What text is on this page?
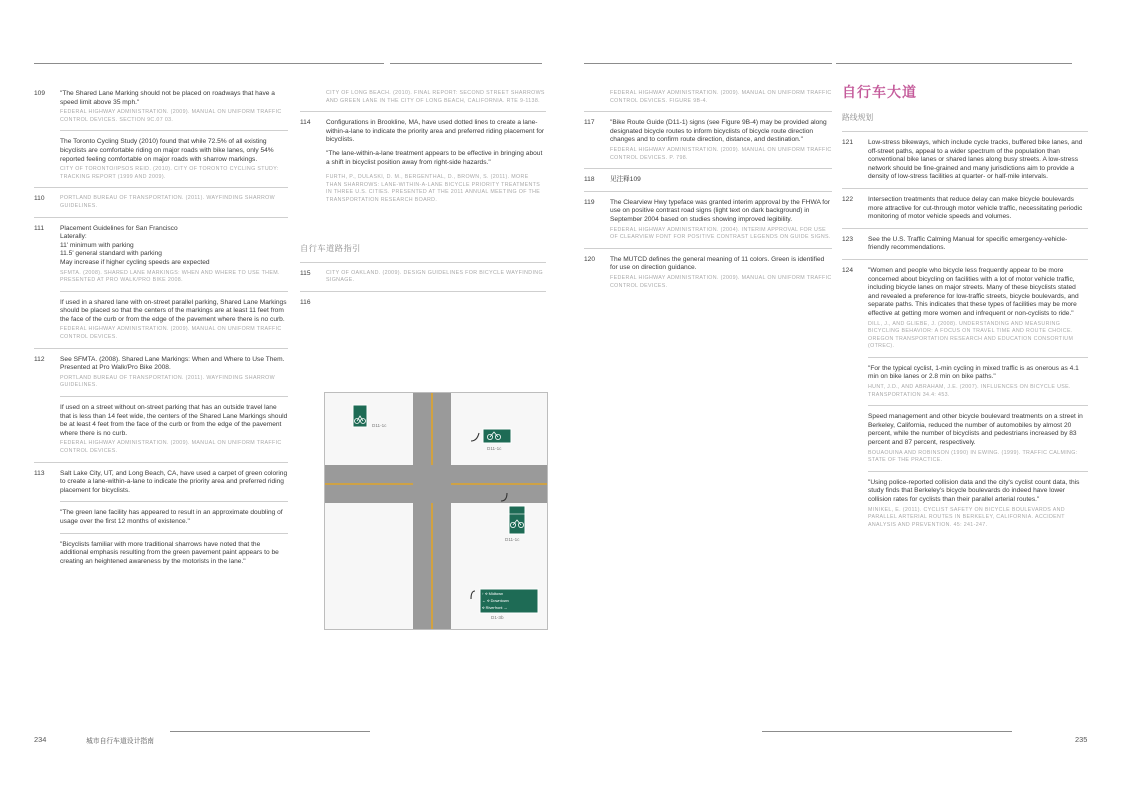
109	"The Shared Lane Marking should not be placed on roadways that have a speed limit above 35 mph."

FEDERAL HIGHWAY ADMINISTRATION. (2009). MANUAL ON UNIFORM TRAFFIC CONTROL DEVICES. SECTION 9C.07 03.

The Toronto Cycling Study (2010) found that while 72.5% of all existing bicyclists are comfortable riding on major roads with bike lanes, only 54% reported feeling comfortable on major roads with sharrow markings.

CITY OF TORONTO/IPSOS REID. (2010). CITY OF TORONTO CYCLING STUDY: TRACKING REPORT (1999 AND 2009).

110	PORTLAND BUREAU OF TRANSPORTATION. (2011). WAYFINDING SHARROW GUIDELINES.

111	Placement Guidelines for San Francisco

Laterally:

11' minimum with parking

11.5' general standard with parking

May increase if higher cycling speeds are expected

SFMTA. (2008). SHARED LANE MARKINGS: WHEN AND WHERE TO USE THEM. PRESENTED AT PRO WALK/PRO BIKE 2008.

If used in a shared lane with on-street parallel parking, Shared Lane Markings should be placed so that the centers of the markings are at least 11 feet from the face of the curb or from the edge of the pavement where there is no curb.

FEDERAL HIGHWAY ADMINISTRATION. (2009). MANUAL ON UNIFORM TRAFFIC CONTROL DEVICES.

112	See SFMTA. (2008). Shared Lane Markings: When and Where to Use Them. Presented at Pro Walk/Pro Bike 2008.

PORTLAND BUREAU OF TRANSPORTATION. (2011). WAYFINDING SHARROW GUIDELINES.

If used on a street without on-street parking that has an outside travel lane that is less than 14 feet wide, the centers of the Shared Lane Markings should be at least 4 feet from the face of the curb or from the edge of the pavement where there is no curb.

FEDERAL HIGHWAY ADMINISTRATION. (2009). MANUAL ON UNIFORM TRAFFIC CONTROL DEVICES.

113	Salt Lake City, UT, and Long Beach, CA, have used a carpet of green coloring to create a lane-within-a-lane to indicate the priority area and preferred riding placement for bicyclists.

"The green lane facility has appeared to result in an approximate doubling of usage over the first 12 months of existence."

"Bicyclists familiar with more traditional sharrows have noted that the additional emphasis resulting from the green pavement paint appears to be creating an heightened awareness by the motorists in the lane."

CITY OF LONG BEACH. (2010). FINAL REPORT: SECOND STREET SHARROWS AND GREEN LANE IN THE CITY OF LONG BEACH, CALIFORNIA. RTE 9-1138.

114	Configurations in Brookline, MA, have used dotted lines to create a lane-within-a-lane to indicate the priority area and preferred riding placement for bicyclists.

"The lane-within-a-lane treatment appears to be effective in bringing about a shift in bicyclist position away from right-side hazards."

FURTH, P., DULASKI, D. M., BERGENTHAL, D., BROWN, S. (2011). MORE THAN SHARROWS: LANE-WITHIN-A-LANE BICYCLE PRIORITY TREATMENTS IN THREE U.S. CITIES. PRESENTED AT THE 2011 ANNUAL MEETING OF THE TRANSPORTATION RESEARCH BOARD.

自行车道路指引
115	CITY OF OAKLAND. (2009). DESIGN GUIDELINES FOR BICYCLE WAYFINDING SIGNAGE.

116
D11-1c
D11-1c
D11-1c
↑ ⟡ Midtown
← ⟡ Downtown
⟡ Riverfront →
D1-3b
234	城市自行车道设计指南

FEDERAL HIGHWAY ADMINISTRATION. (2009). MANUAL ON UNIFORM TRAFFIC CONTROL DEVICES. FIGURE 9B-4.

117	"Bike Route Guide (D11-1) signs (see Figure 9B-4) may be provided along designated bicycle routes to inform bicyclists of bicycle route direction changes and to confirm route direction, distance, and destination."

FEDERAL HIGHWAY ADMINISTRATION. (2009). MANUAL ON UNIFORM TRAFFIC CONTROL DEVICES. P. 798.

118	见注释109

119	The Clearview Hwy typeface was granted interim approval by the FHWA for use on positive contrast road signs (light text on dark background) in September 2004 based on studies showing improved legibility.

FEDERAL HIGHWAY ADMINISTRATION. (2004). INTERIM APPROVAL FOR USE OF CLEARVIEW FONT FOR POSITIVE CONTRAST LEGENDS ON GUIDE SIGNS.

120	The MUTCD defines the general meaning of 11 colors. Green is identified for use on direction guidance.

FEDERAL HIGHWAY ADMINISTRATION. (2009). MANUAL ON UNIFORM TRAFFIC CONTROL DEVICES.

自行车大道
路线规划
121	Low-stress bikeways, which include cycle tracks, buffered bike lanes, and off-street paths, appeal to a wider spectrum of the population than conventional bike lanes or shared lanes along busy streets. A low-stress network should be fine-grained and many jurisdictions aim to provide a density of low-stress facilities at quarter- or half-mile intervals.

122	Intersection treatments that reduce delay can make bicycle boulevards more attractive for cut-through motor vehicle traffic, necessitating periodic monitoring of motor vehicle speeds and volumes.

123	See the U.S. Traffic Calming Manual for specific emergency-vehicle-friendly recommendations.

124	"Women and people who bicycle less frequently appear to be more concerned about bicycling on facilities with a lot of motor vehicle traffic, including bicycle lanes on major streets. Many of these bicyclists stated and revealed a preference for low-traffic streets, bicycle boulevards, and separate paths. This indicates that these types of facilities may be more effective at getting more women and infrequent or non-cyclists to ride."

DILL, J., AND GLIEBE, J. (2008). UNDERSTANDING AND MEASURING BICYCLING BEHAVIOR: A FOCUS ON TRAVEL TIME AND ROUTE CHOICE. OREGON TRANSPORTATION RESEARCH AND EDUCATION CONSORTIUM (OTREC).

"For the typical cyclist, 1-min cycling in mixed traffic is as onerous as 4.1 min on bike lanes or 2.8 min on bike paths."

HUNT, J.D., AND ABRAHAM, J.E. (2007). INFLUENCES ON BICYCLE USE. TRANSPORTATION 34.4: 453.

Speed management and other bicycle boulevard treatments on a street in Berkeley, California, reduced the number of automobiles by almost 20 percent, while the number of bicyclists and pedestrians increased by 83 percent and 87 percent, respectively.

BOUAOUINA AND ROBINSON (1990) IN EWING. (1999). TRAFFIC CALMING: STATE OF THE PRACTICE.

"Using police-reported collision data and the city's cyclist count data, this study finds that Berkeley's bicycle boulevards do indeed have lower collision rates for cyclists than their parallel arterial routes."

MINIKEL, E. (2011). CYCLIST SAFETY ON BICYCLE BOULEVARDS AND PARALLEL ARTERIAL ROUTES IN BERKELEY, CALIFORNIA. ACCIDENT ANALYSIS AND PREVENTION. 45: 241-247.

235
